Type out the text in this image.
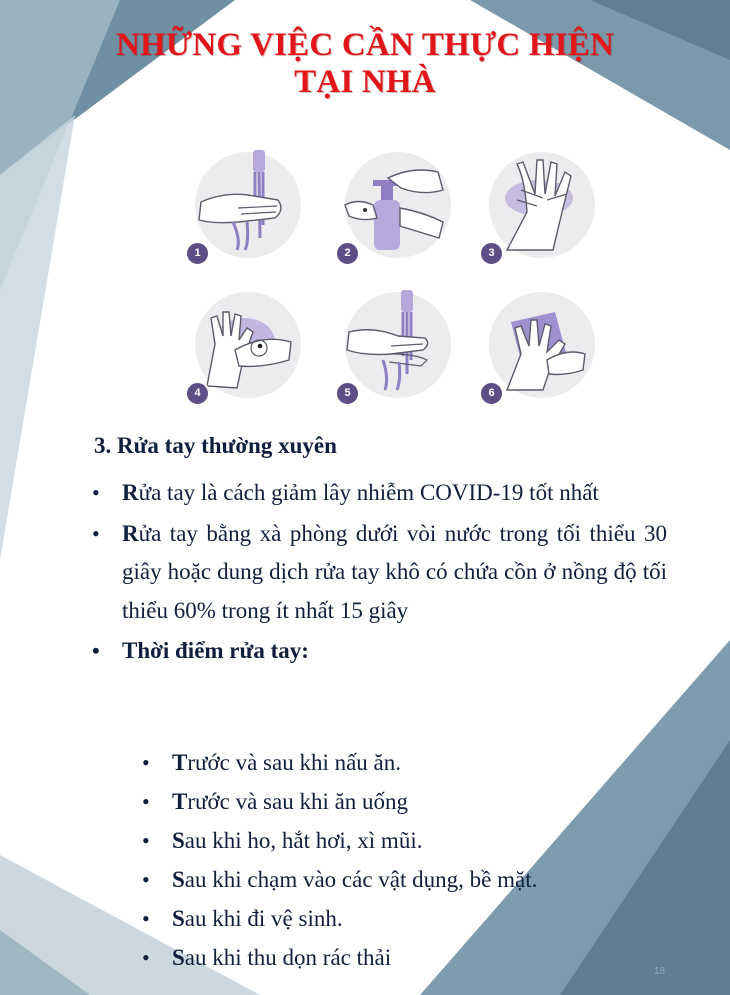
NHỮNG VIỆC CẦN THỰC HIỆN
TẠI NHÀ
1	2	3
4	5	6
3. Rửa tay thường xuyên
• Rửa tay là cách giảm lây nhiễm COVID-19 tốt nhất
• Rửa tay bằng xà phòng dưới vòi nước trong tối thiểu 30 giây hoặc dung dịch rửa tay khô có chứa cồn ở nồng độ tối thiểu 60% trong ít nhất 15 giây
• Thời điểm rửa tay:
• Trước và sau khi nấu ăn.
• Trước và sau khi ăn uống
• Sau khi ho, hắt hơi, xì mũi.
• Sau khi chạm vào các vật dụng, bề mặt.
• Sau khi đi vệ sinh.
• Sau khi thu dọn rác thải
18
